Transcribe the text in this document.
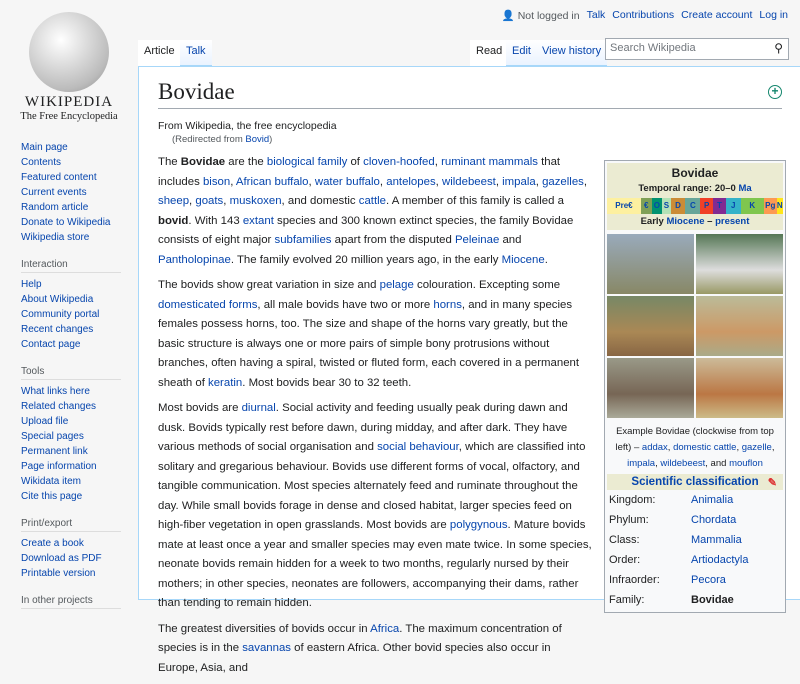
WIKIPEDIA
The Free Encyclopedia
👤 Not logged in Talk Contributions Create account Log in
Article	Talk	Read Edit	View history Search Wikipedia	⚲
Main page
Contents
Featured content
Current events
Random article
Donate to Wikipedia
Wikipedia store
Interaction
Help
About Wikipedia
Community portal
Recent changes
Contact page
Tools
What links here
Related changes
Upload file
Special pages
Permanent link
Page information
Wikidata item
Cite this page
Print/export
Create a book
Download as PDF
Printable version
In other projects
Bovidae	+
From Wikipedia, the free encyclopedia
(Redirected from Bovid)

The Bovidae are the biological family of cloven-hoofed, ruminant mammals that includes bison, African buffalo, water buffalo, antelopes, wildebeest, impala, gazelles, sheep, goats, muskoxen, and domestic cattle. A member of this family is called a bovid. With 143 extant species and 300 known extinct species, the family Bovidae consists of eight major subfamilies apart from the disputed Peleinae and Pantholopinae. The family evolved 20 million years ago, in the early Miocene.

The bovids show great variation in size and pelage colouration. Excepting some domesticated forms, all male bovids have two or more horns, and in many species females possess horns, too. The size and shape of the horns vary greatly, but the basic structure is always one or more pairs of simple bony protrusions without branches, often having a spiral, twisted or fluted form, each covered in a permanent sheath of keratin. Most bovids bear 30 to 32 teeth.

Most bovids are diurnal. Social activity and feeding usually peak during dawn and dusk. Bovids typically rest before dawn, during midday, and after dark. They have various methods of social organisation and social behaviour, which are classified into solitary and gregarious behaviour. Bovids use different forms of vocal, olfactory, and tangible communication. Most species alternately feed and ruminate throughout the day. While small bovids forage in dense and closed habitat, larger species feed on high-fiber vegetation in open grasslands. Most bovids are polygynous. Mature bovids mate at least once a year and smaller species may even mate twice. In some species, neonate bovids remain hidden for a week to two months, regularly nursed by their mothers; in other species, neonates are followers, accompanying their dams, rather than tending to remain hidden.

The greatest diversities of bovids occur in Africa. The maximum concentration of species is in the savannas of eastern Africa. Other bovid species also occur in Europe, Asia, and

Bovidae
Temporal range: 20–0 Ma
Pre€	€ O S D	C	P T	J	K	Pg N
Early Miocene – present
Example Bovidae (clockwise from top left) – addax, domestic cattle, gazelle, impala, wildebeest, and mouflon
Scientific classification ✎
Kingdom:	Animalia
Phylum:	Chordata
Class:	Mammalia
Order:	Artiodactyla
Infraorder:	Pecora
Family:	Bovidae
